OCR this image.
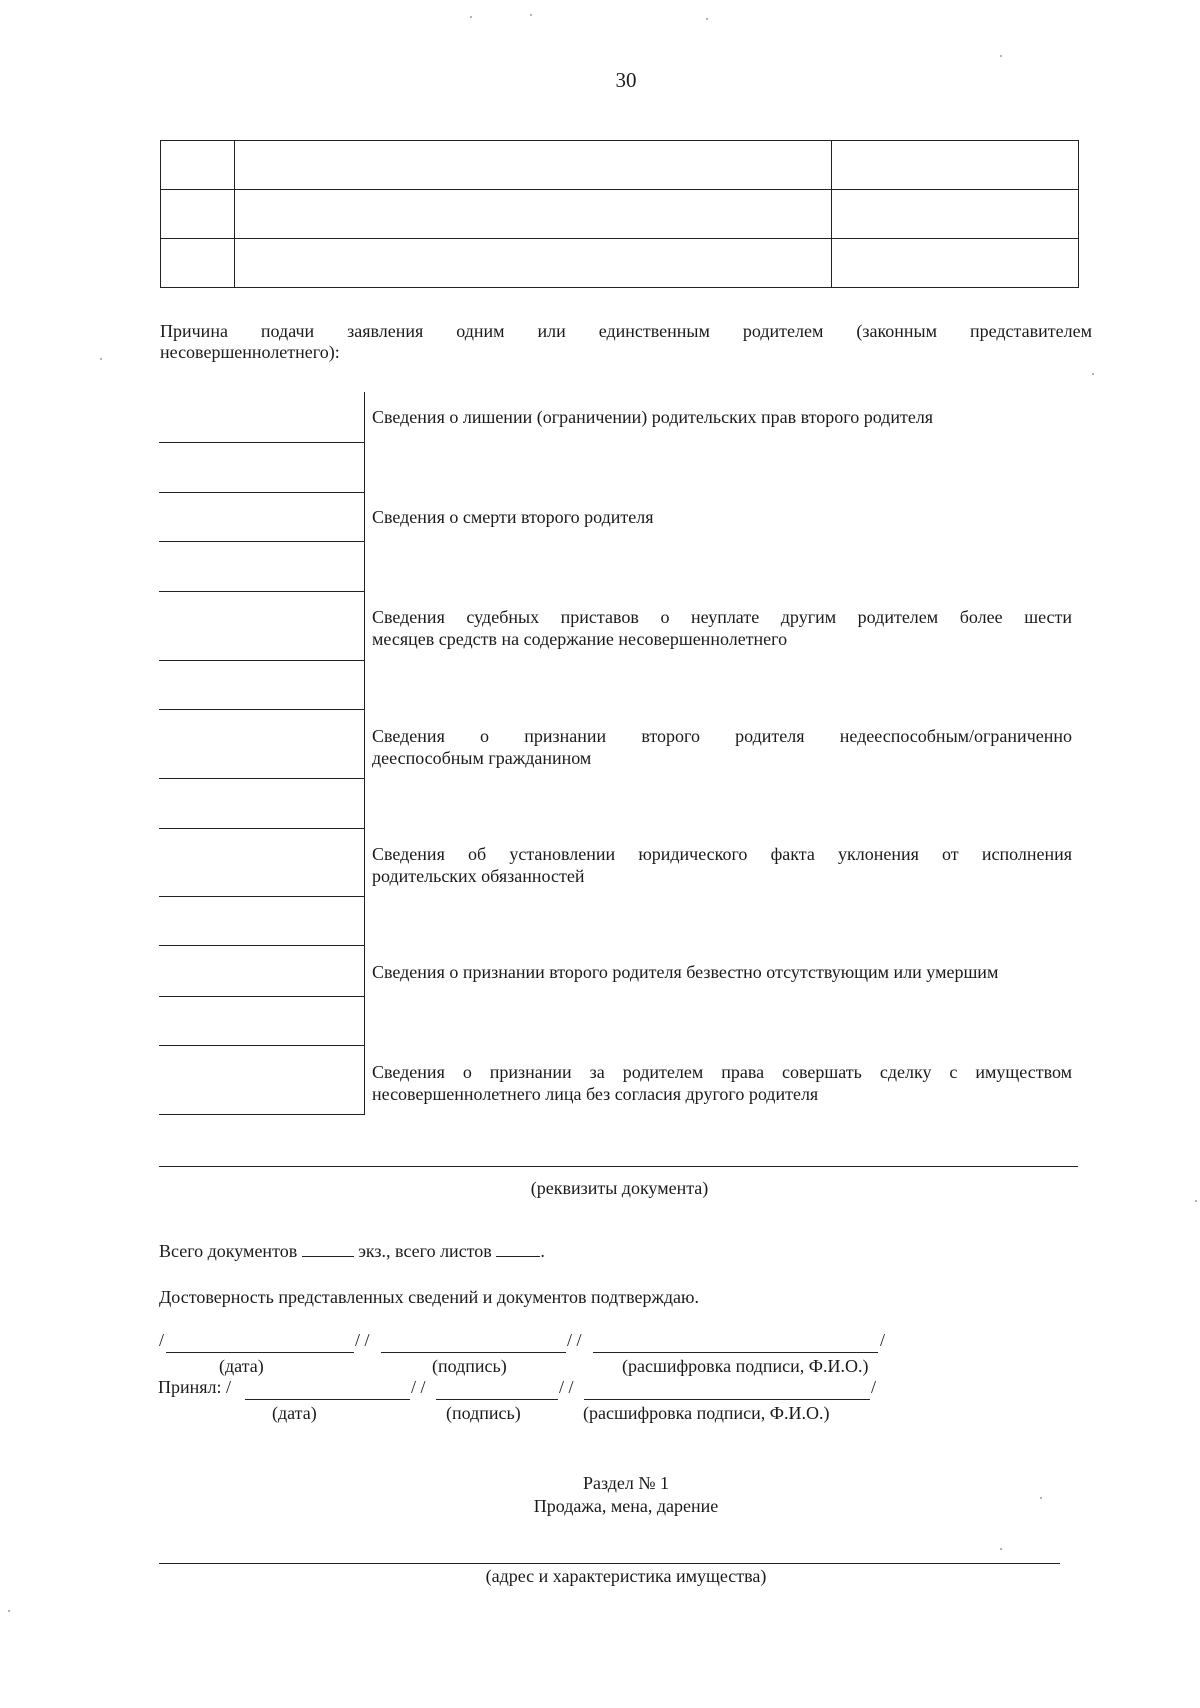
30

Причина подачи заявления одним или единственным родителем (законным представителем
несовершеннолетнего):
Сведения о лишении (ограничении) родительских прав второго родителя
Сведения о смерти второго родителя
Сведения судебных приставов о неуплате другим родителем более шести
месяцев средств на содержание несовершеннолетнего
Сведения о признании второго родителя недееспособным/ограниченно
дееспособным гражданином
Сведения об установлении юридического факта уклонения от исполнения
родительских обязанностей
Сведения о признании второго родителя безвестно отсутствующим или умершим
Сведения о признании за родителем права совершать сделку с имуществом
несовершеннолетнего лица без согласия другого родителя
(реквизиты документа)
Всего документов	экз., всего листов	.
Достоверность представленных сведений и документов подтверждаю.
/	/ /	/ /	/
(дата)	(подпись)	(расшифровка подписи, Ф.И.О.)
Принял: /	/ /	/ /	/
(дата)	(подпись)	(расшифровка подписи, Ф.И.О.)
Раздел № 1
Продажа, мена, дарение
(адрес и характеристика имущества)
